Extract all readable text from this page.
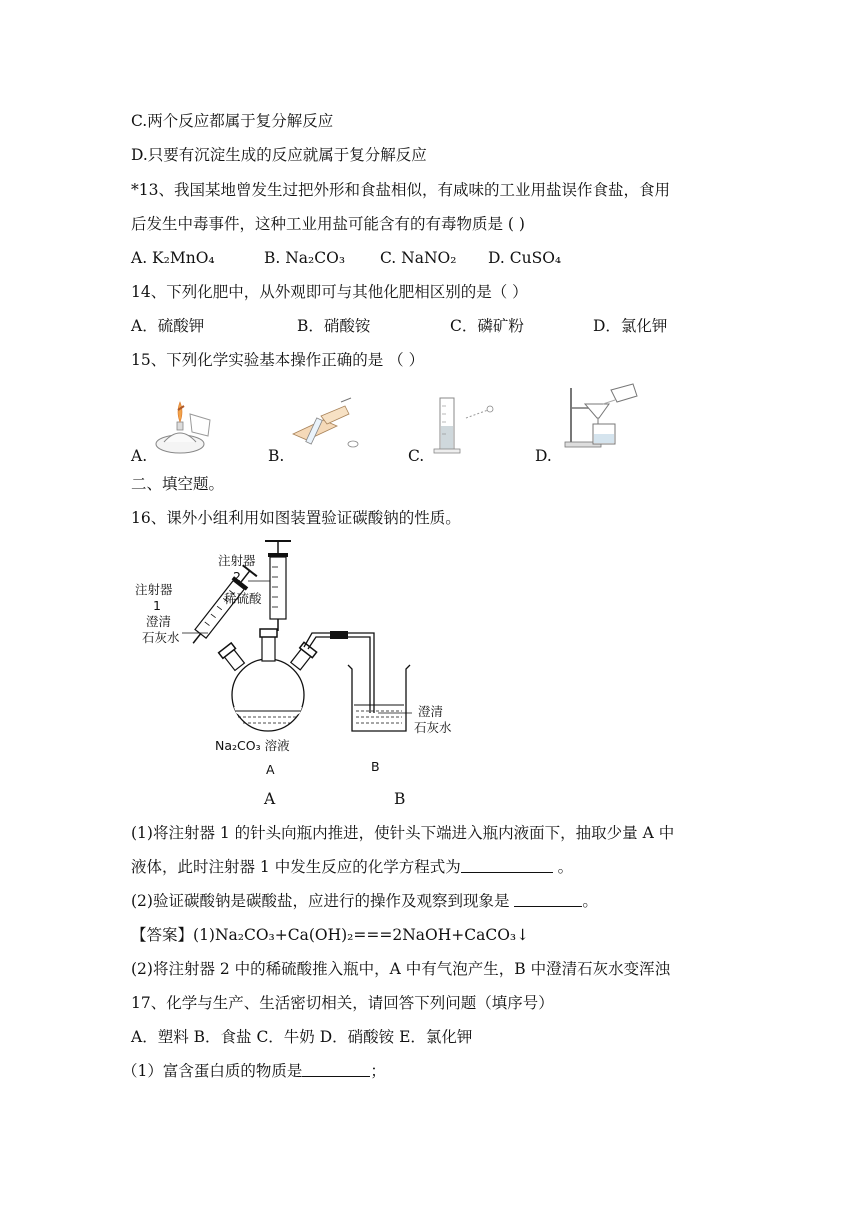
C.两个反应都属于复分解反应
D.只要有沉淀生成的反应就属于复分解反应
*13、我国某地曾发生过把外形和食盐相似，有咸味的工业用盐误作食盐，食用
后发生中毒事件，这种工业用盐可能含有的有毒物质是 ( )
A. K₂MnO₄	B. Na₂CO₃ C. NaNO₂ D. CuSO₄
14、下列化肥中，从外观即可与其他化肥相区别的是（ ）
A．硫酸钾	B．硝酸铵	C．磷矿粉	D．氯化钾
15、下列化学实验基本操作正确的是 （ ）
A.	B.	C.	D.
二、填空题。
16、课外小组利用如图装置验证碳酸钠的性质。
注射器
2
稀硫酸
注射器
1
澄清
石灰水
Na₂CO₃ 溶液
澄清
石灰水
A	B
A	B
(1)将注射器 1 的针头向瓶内推进，使针头下端进入瓶内液面下，抽取少量 A 中
液体，此时注射器 1 中发生反应的化学方程式为	。
(2)验证碳酸钠是碳酸盐，应进行的操作及观察到现象是	。
【答案】(1)Na₂CO₃+Ca(OH)₂===2NaOH+CaCO₃↓
(2)将注射器 2 中的稀硫酸推入瓶中，A 中有气泡产生，B 中澄清石灰水变浑浊
17、化学与生产、生活密切相关，请回答下列问题（填序号）
A．塑料 B．食盐 C．牛奶 D．硝酸铵 E．氯化钾
（1）富含蛋白质的物质是	；
